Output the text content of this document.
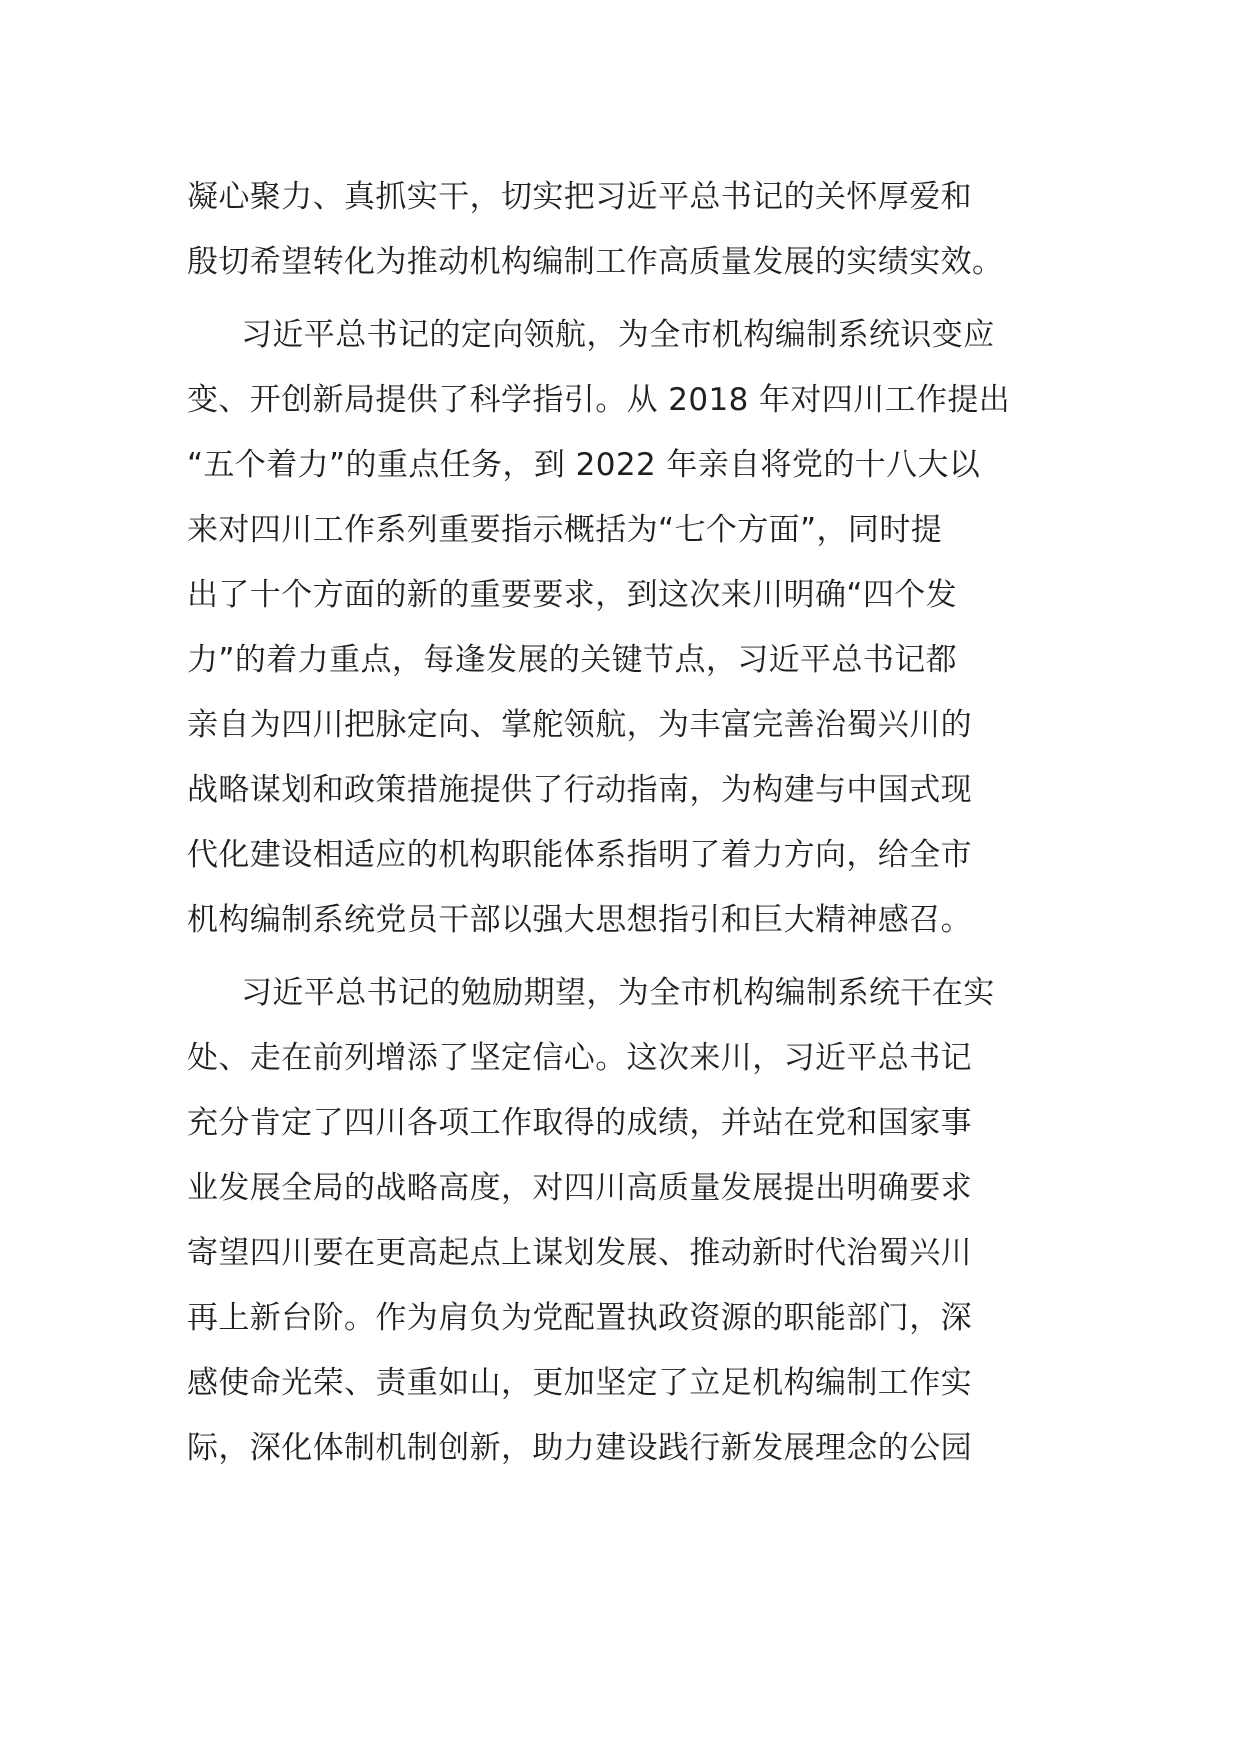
凝心聚力、真抓实干，切实把习近平总书记的关怀厚爱和
殷切希望转化为推动机构编制工作高质量发展的实绩实效。

习近平总书记的定向领航，为全市机构编制系统识变应
变、开创新局提供了科学指引。从 2018 年对四川工作提出
“五个着力”的重点任务，到 2022 年亲自将党的十八大以
来对四川工作系列重要指示概括为“七个方面”，同时提
出了十个方面的新的重要要求，到这次来川明确“四个发
力”的着力重点，每逢发展的关键节点，习近平总书记都
亲自为四川把脉定向、掌舵领航，为丰富完善治蜀兴川的
战略谋划和政策措施提供了行动指南，为构建与中国式现
代化建设相适应的机构职能体系指明了着力方向，给全市
机构编制系统党员干部以强大思想指引和巨大精神感召。

习近平总书记的勉励期望，为全市机构编制系统干在实
处、走在前列增添了坚定信心。这次来川，习近平总书记
充分肯定了四川各项工作取得的成绩，并站在党和国家事
业发展全局的战略高度，对四川高质量发展提出明确要求
寄望四川要在更高起点上谋划发展、推动新时代治蜀兴川
再上新台阶。作为肩负为党配置执政资源的职能部门，深
感使命光荣、责重如山，更加坚定了立足机构编制工作实
际，深化体制机制创新，助力建设践行新发展理念的公园
